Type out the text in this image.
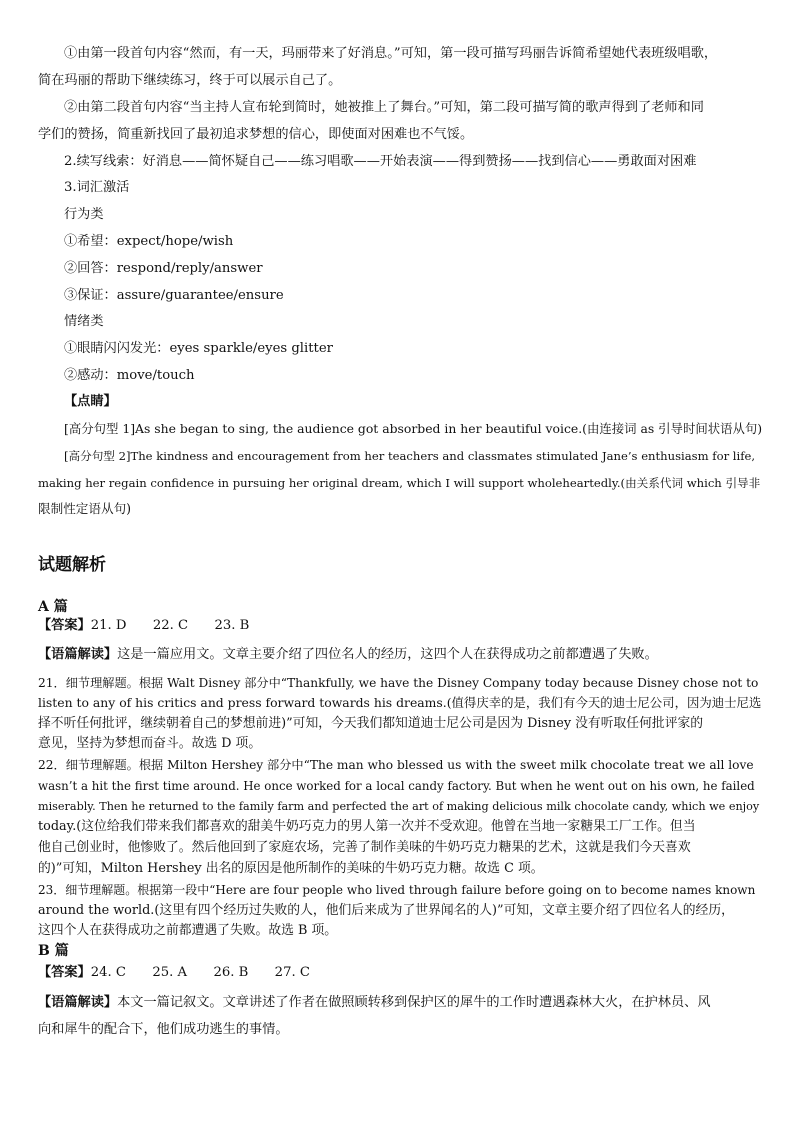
①由第一段首句内容“然而，有一天，玛丽带来了好消息。”可知，第一段可描写玛丽告诉简希望她代表班级唱歌，
简在玛丽的帮助下继续练习，终于可以展示自己了。
②由第二段首句内容“当主持人宣布轮到简时，她被推上了舞台。”可知，第二段可描写简的歌声得到了老师和同
学们的赞扬，简重新找回了最初追求梦想的信心，即使面对困难也不气馁。
2.续写线索：好消息——简怀疑自己——练习唱歌——开始表演——得到赞扬——找到信心——勇敢面对困难
3.词汇激活
行为类
①希望：expect/hope/wish
②回答：respond/reply/answer
③保证：assure/guarantee/ensure
情绪类
①眼睛闪闪发光：eyes sparkle/eyes glitter
②感动：move/touch
【点睛】
[高分句型 1]As she began to sing, the audience got absorbed in her beautiful voice.(由连接词 as 引导时间状语从句)
[高分句型 2]The kindness and encouragement from her teachers and classmates stimulated Jane’s enthusiasm for life,
making her regain confidence in pursuing her original dream, which I will support wholeheartedly.(由关系代词 which 引导非
限制性定语从句)
试题解析
A 篇
【答案】21. D　　22. C　　23. B
【语篇解读】这是一篇应用文。文章主要介绍了四位名人的经历，这四个人在获得成功之前都遭遇了失败。
21．细节理解题。根据 Walt Disney 部分中“Thankfully, we have the Disney Company today because Disney chose not to
listen to any of his critics and press forward towards his dreams.(值得庆幸的是，我们有今天的迪士尼公司，因为迪士尼选
择不听任何批评，继续朝着自己的梦想前进)”可知，今天我们都知道迪士尼公司是因为 Disney 没有听取任何批评家的
意见，坚持为梦想而奋斗。故选 D 项。
22．细节理解题。根据 Milton Hershey 部分中“The man who blessed us with the sweet milk chocolate treat we all love
wasn’t a hit the first time around. He once worked for a local candy factory. But when he went out on his own, he failed
miserably. Then he returned to the family farm and perfected the art of making delicious milk chocolate candy, which we enjoy
today.(这位给我们带来我们都喜欢的甜美牛奶巧克力的男人第一次并不受欢迎。他曾在当地一家糖果工厂工作。但当
他自己创业时，他惨败了。然后他回到了家庭农场，完善了制作美味的牛奶巧克力糖果的艺术，这就是我们今天喜欢
的)”可知，Milton Hershey 出名的原因是他所制作的美味的牛奶巧克力糖。故选 C 项。
23．细节理解题。根据第一段中“Here are four people who lived through failure before going on to become names known
around the world.(这里有四个经历过失败的人，他们后来成为了世界闻名的人)”可知，文章主要介绍了四位名人的经历，
这四个人在获得成功之前都遭遇了失败。故选 B 项。
B 篇
【答案】24. C　　25. A　　26. B　　27. C
【语篇解读】本文一篇记叙文。文章讲述了作者在做照顾转移到保护区的犀牛的工作时遭遇森林大火，在护林员、风
向和犀牛的配合下，他们成功逃生的事情。
